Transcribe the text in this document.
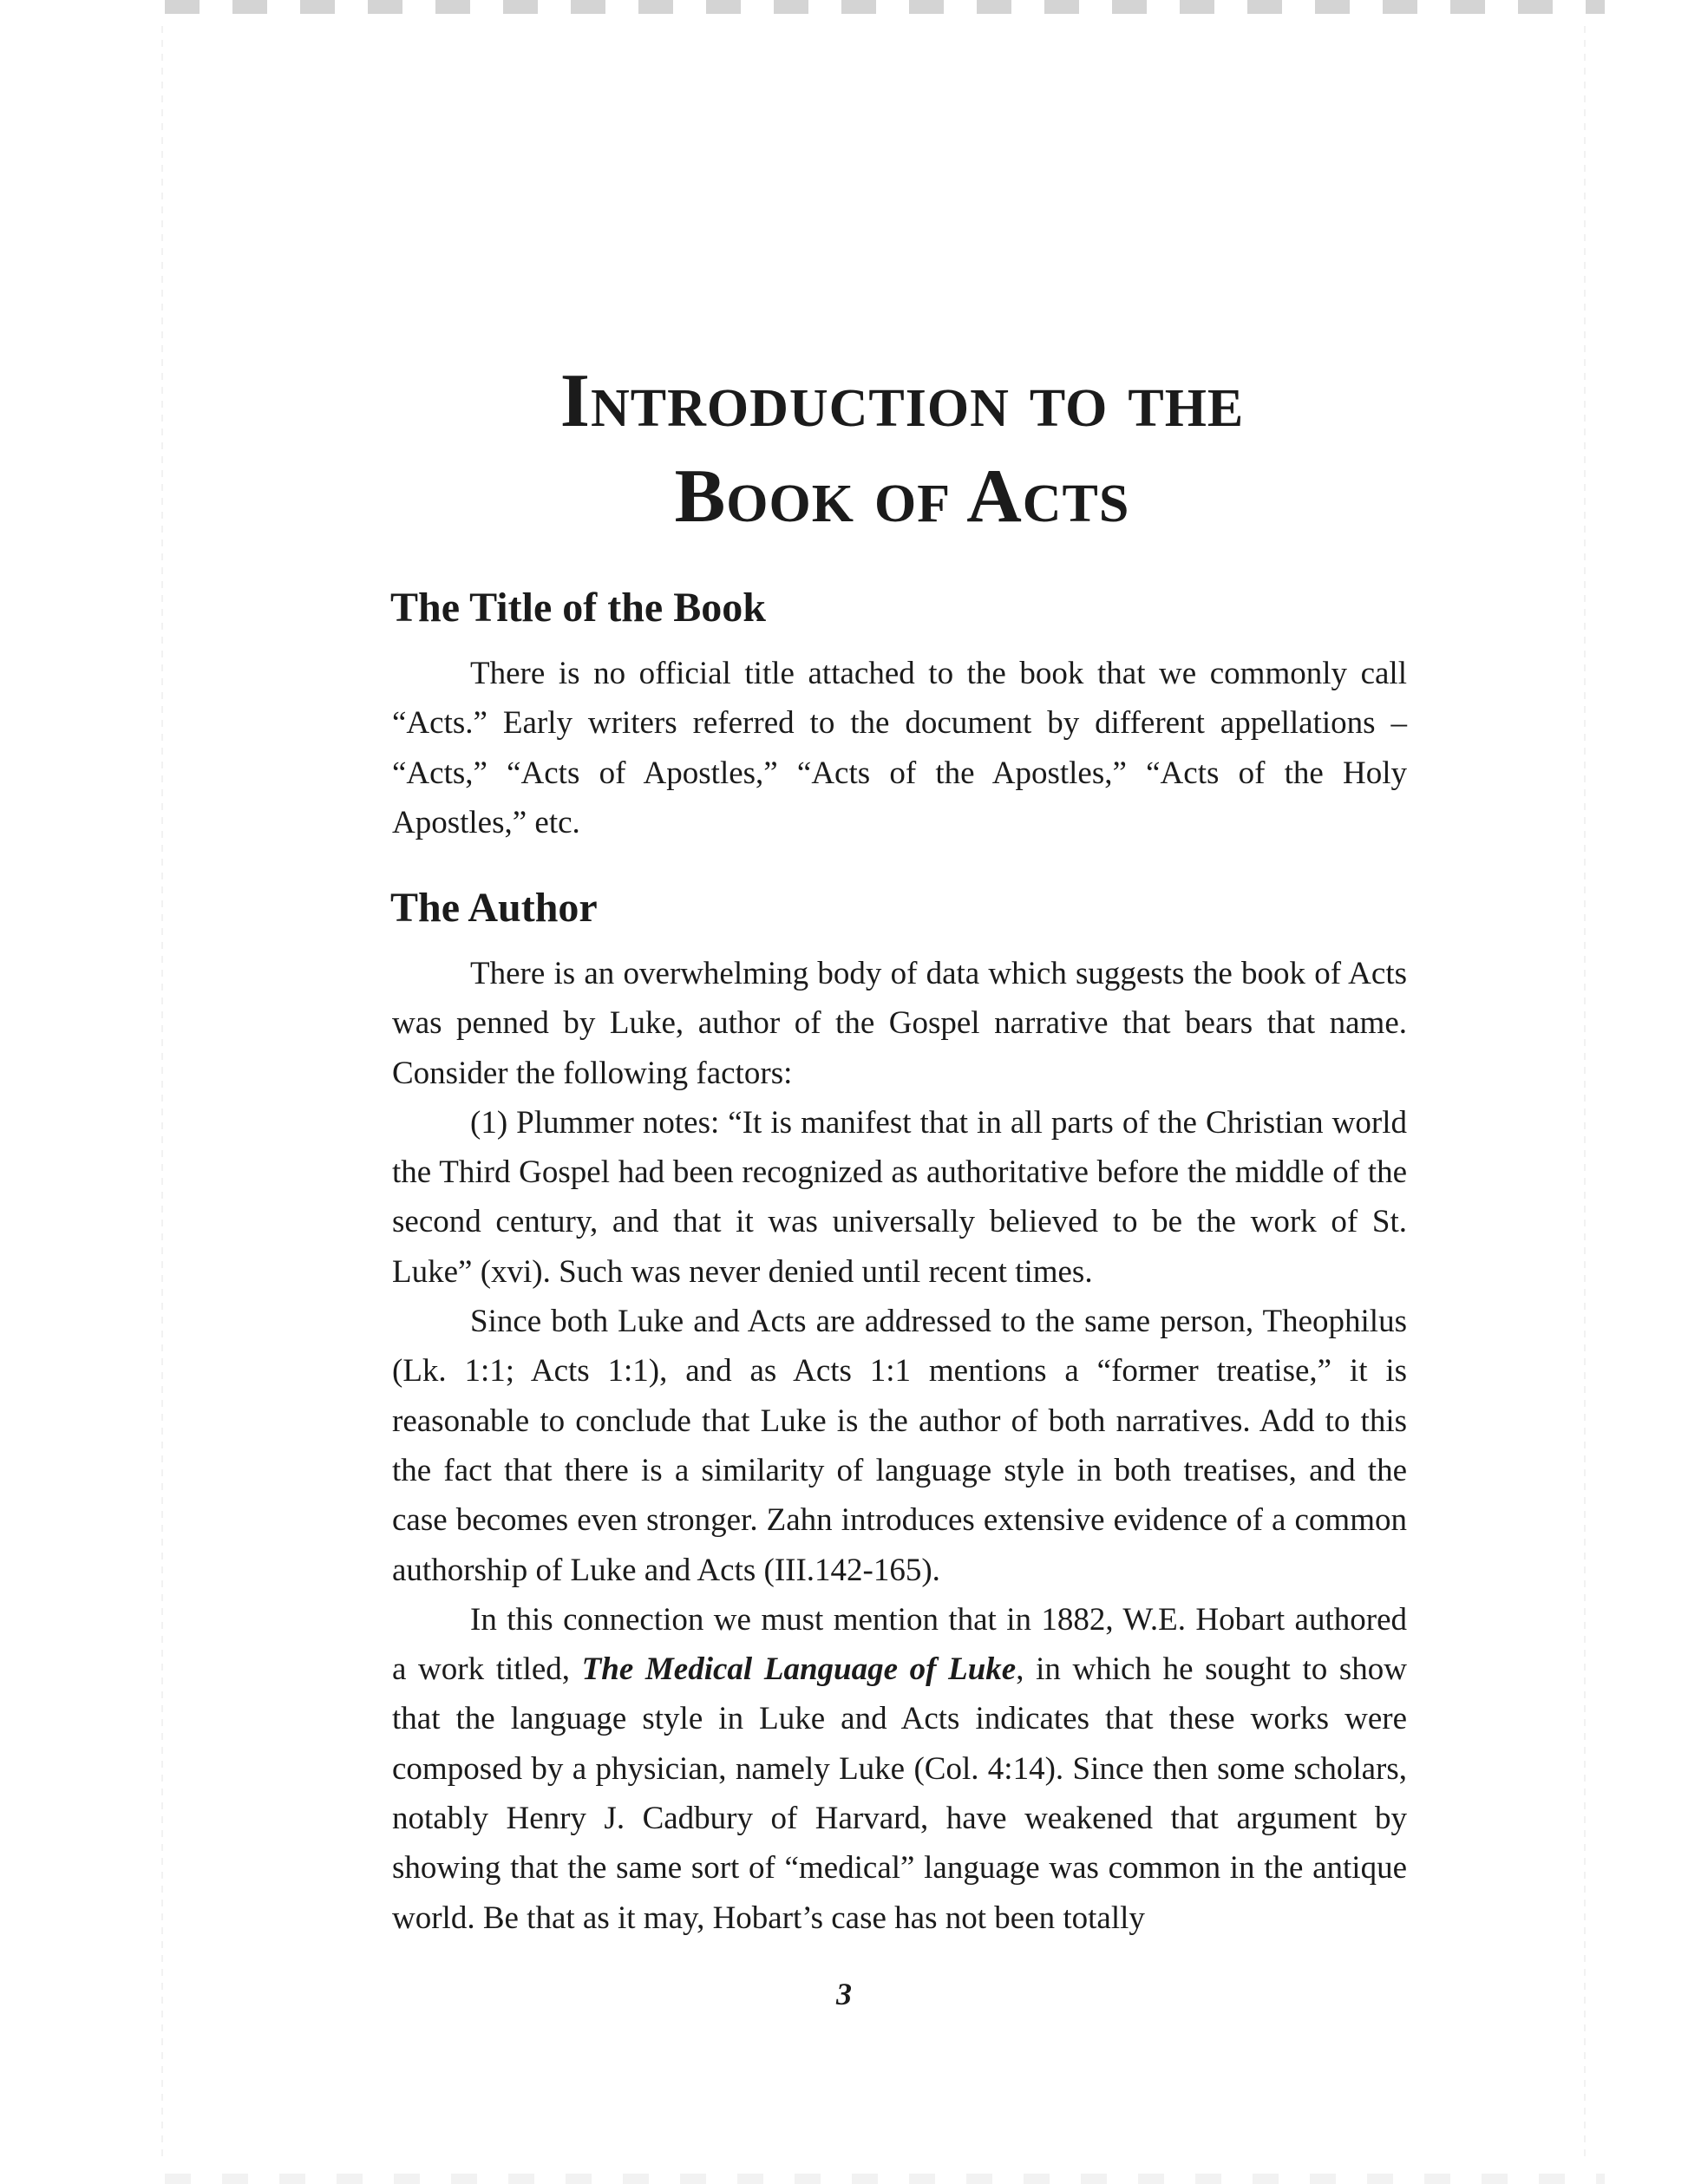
Introduction to the
Book of Acts
The Title of the Book

There is no official title attached to the book that we commonly call “Acts.” Early writers referred to the document by different appellations – “Acts,” “Acts of Apostles,” “Acts of the Apostles,” “Acts of the Holy Apostles,” etc.

The Author

There is an overwhelming body of data which suggests the book of Acts was penned by Luke, author of the Gospel narrative that bears that name. Consider the following factors:

(1) Plummer notes: “It is manifest that in all parts of the Christian world the Third Gospel had been recognized as authoritative before the middle of the second century, and that it was universally believed to be the work of St. Luke” (xvi). Such was never denied until recent times.

Since both Luke and Acts are addressed to the same person, Theophilus (Lk. 1:1; Acts 1:1), and as Acts 1:1 mentions a “former treatise,” it is reasonable to conclude that Luke is the author of both narratives. Add to this the fact that there is a similarity of language style in both treatises, and the case becomes even stronger. Zahn introduces extensive evidence of a common authorship of Luke and Acts (III.142-165).

In this connection we must mention that in 1882, W.E. Hobart authored a work titled, The Medical Language of Luke, in which he sought to show that the language style in Luke and Acts indicates that these works were composed by a physician, namely Luke (Col. 4:14). Since then some scholars, notably Henry J. Cadbury of Harvard, have weakened that argument by showing that the same sort of “medical” language was common in the antique world. Be that as it may, Hobart’s case has not been totally

3
